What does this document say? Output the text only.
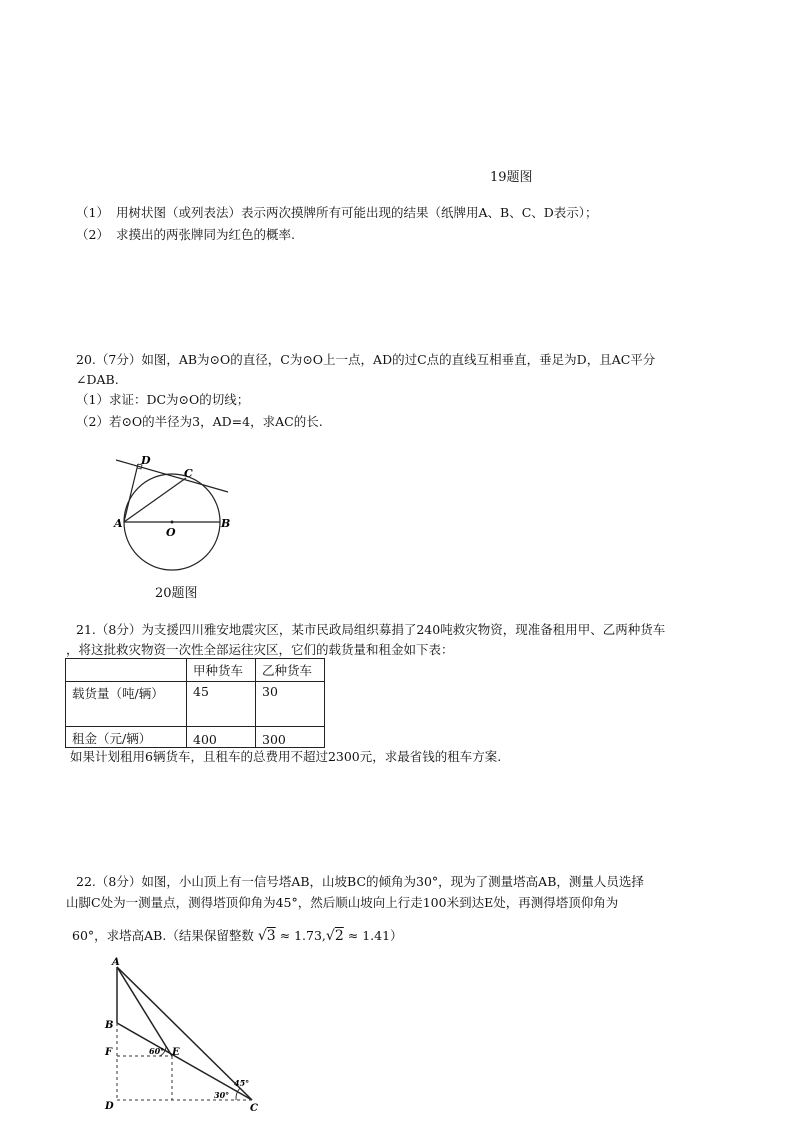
19题图
（1） 用树状图（或列表法）表示两次摸牌所有可能出现的结果（纸牌用A、B、C、D表示）；
（2） 求摸出的两张牌同为红色的概率.
20.（7分）如图，AB为⊙O的直径，C为⊙O上一点，AD的过C点的直线互相垂直，垂足为D，且AC平分
∠DAB.
（1）求证：DC为⊙O的切线；
（2）若⊙O的半径为3，AD=4，求AC的长.
D
C
A
O
B
20题图
21.（8分）为支援四川雅安地震灾区，某市民政局组织募捐了240吨救灾物资，现准备租用甲、乙两种货车
，将这批救灾物资一次性全部运往灾区，它们的载货量和租金如下表：
	甲种货车	乙种货车
载货量（吨/辆）	45	30
租金（元/辆）	400	300
如果计划租用6辆货车，且租车的总费用不超过2300元，求最省钱的租车方案.
22.（8分）如图，小山顶上有一信号塔AB，山坡BC的倾角为30°，现为了测量塔高AB，测量人员选择
山脚C处为一测量点，测得塔顶仰角为45°，然后顺山坡向上行走100米到达E处，再测得塔顶仰角为
60°，求塔高AB.（结果保留整数 √3 ≈ 1.73,√2 ≈ 1.41）
A
B
F	E
D	C
60°
45°
30°
